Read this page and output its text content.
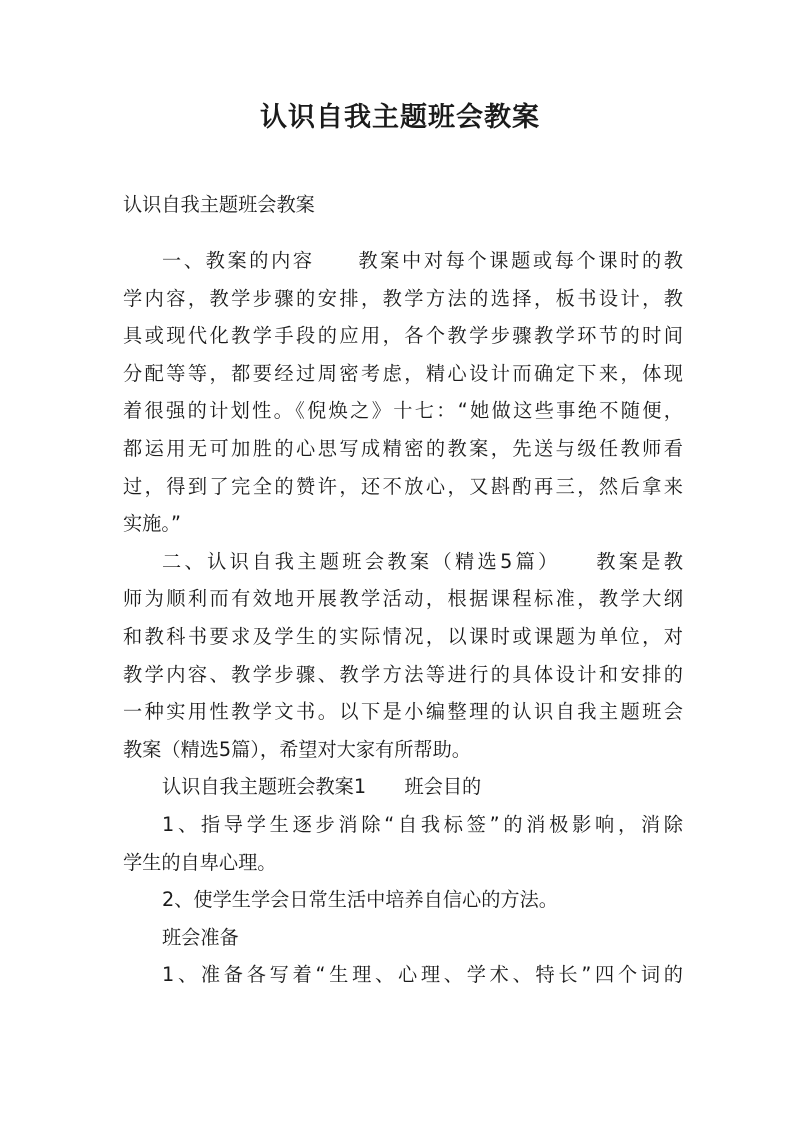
认识自我主题班会教案
认识自我主题班会教案
一、教案的内容　　教案中对每个课题或每个课时的教
学内容，教学步骤的安排，教学方法的选择，板书设计，教
具或现代化教学手段的应用，各个教学步骤教学环节的时间
分配等等，都要经过周密考虑，精心设计而确定下来，体现
着很强的计划性。《倪焕之》十七：“她做这些事绝不随便，
都运用无可加胜的心思写成精密的教案，先送与级任教师看
过，得到了完全的赞许，还不放心，又斟酌再三，然后拿来
实施。”
二、认识自我主题班会教案（精选5篇）　　教案是教
师为顺利而有效地开展教学活动，根据课程标准，教学大纲
和教科书要求及学生的实际情况，以课时或课题为单位，对
教学内容、教学步骤、教学方法等进行的具体设计和安排的
一种实用性教学文书。以下是小编整理的认识自我主题班会
教案（精选5篇），希望对大家有所帮助。
认识自我主题班会教案1　　班会目的
1、指导学生逐步消除“自我标签”的消极影响，消除
学生的自卑心理。
2、使学生学会日常生活中培养自信心的方法。
班会准备
1、准备各写着“生理、心理、学术、特长”四个词的
